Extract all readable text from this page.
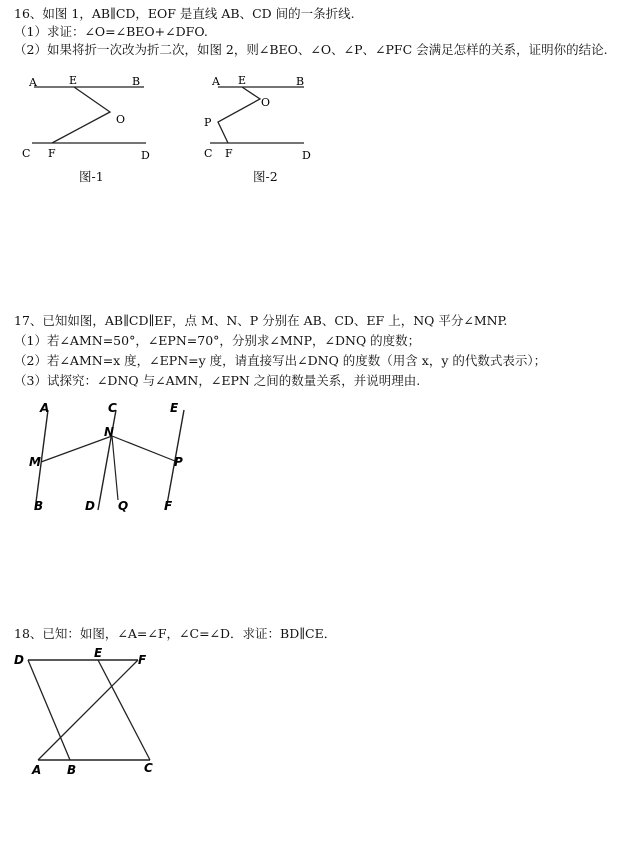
16、如图 1，AB∥CD，EOF 是直线 AB、CD 间的一条折线.
（1）求证：∠O=∠BEO+∠DFO.
（2）如果将折一次改为折二次，如图 2，则∠BEO、∠O、∠P、∠PFC 会满足怎样的关系，证明你的结论.
A	E	B
O
C F	D
图-1
A E	B
O
P
C F	D
图-2
17、已知如图，AB∥CD∥EF，点 M、N、P 分别在 AB、CD、EF 上，NQ 平分∠MNP.
（1）若∠AMN=50°，∠EPN=70°，分别求∠MNP，∠DNQ 的度数；
（2）若∠AMN=x 度，∠EPN=y 度，请直接写出∠DNQ 的度数（用含 x，y 的代数式表示）；
（3）试探究：∠DNQ 与∠AMN，∠EPN 之间的数量关系，并说明理由.
A	C	E
N
M	P
B	D Q	F
18、已知：如图，∠A=∠F，∠C=∠D．求证：BD∥CE．
D	E	F
A B	C
